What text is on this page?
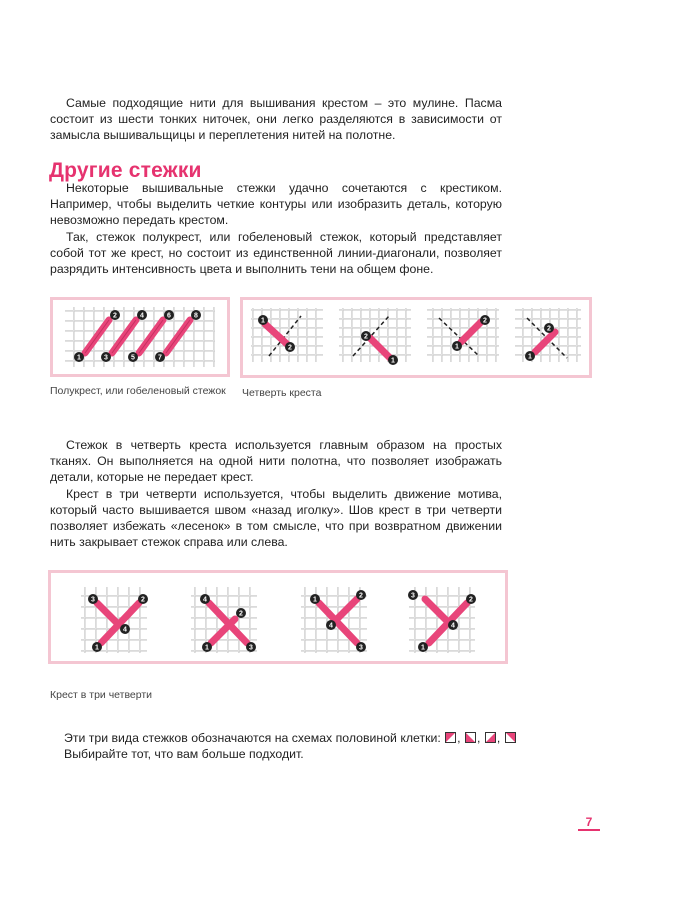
Самые подходящие нити для вышивания крестом – это мулине. Пасма состоит из шести тонких ниточек, они легко разделяются в зависимости от замысла вышивальщицы и переплетения нитей на полотне.

Другие стежки

Некоторые вышивальные стежки удачно сочетаются с крестиком. Например, чтобы выделить четкие контуры или изобразить деталь, которую невозможно передать крестом.

Так, стежок полукрест, или гобеленовый стежок, который представляет собой тот же крест, но состоит из единственной линии-диагонали, позволяет разрядить интенсивность цвета и выполнить тени на общем фоне.

1
2
3
4
5
6
7
8

Полукрест, или гобеленовый стежок

1
2
2
1
1
2
2
1

Четверть креста

Стежок в четверть креста используется главным образом на простых тканях. Он выполняется на одной нити полотна, что позволяет изображать детали, которые не передает крест.

Крест в три четверти используется, чтобы выделить движение мотива, который часто вышивается швом «назад иголку». Шов крест в три четверти позволяет избежать «лесенок» в том смысле, что при возвратном движении нить закрывает стежок справа или слева.

3	2
4
1
2
4
1	3
1
2
4
3
3
4
2
1

Крест в три четверти

Эти три вида стежков обозначаются на схемах половиной клетки: , , ,
Выбирайте тот, что вам больше подходит.
7
